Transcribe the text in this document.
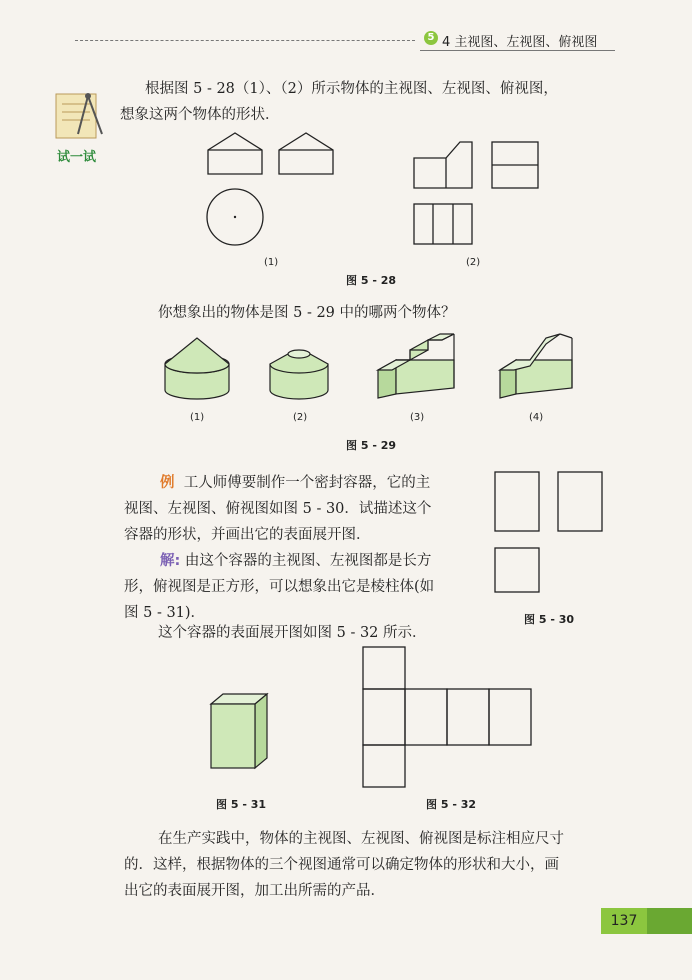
5 4 主视图、左视图、俯视图
试一试
根据图 5 - 28（1）、（2）所示物体的主视图、左视图、俯视图，
想象这两个物体的形状．
(1)	(2)
图 5 - 28
你想象出的物体是图 5 - 29 中的哪两个物体？
(1)	(2)	(3)	(4)
图 5 - 29
例 工人师傅要制作一个密封容器，它的主
视图、左视图、俯视图如图 5 - 30．试描述这个
容器的形状，并画出它的表面展开图．
解: 由这个容器的主视图、左视图都是长方
形，俯视图是正方形，可以想象出它是棱柱体(如
图 5 - 31)．
这个容器的表面展开图如图 5 - 32 所示．
图 5 - 30
图 5 - 31	图 5 - 32
在生产实践中，物体的主视图、左视图、俯视图是标注相应尺寸
的．这样，根据物体的三个视图通常可以确定物体的形状和大小，画
出它的表面展开图，加工出所需的产品．
137
